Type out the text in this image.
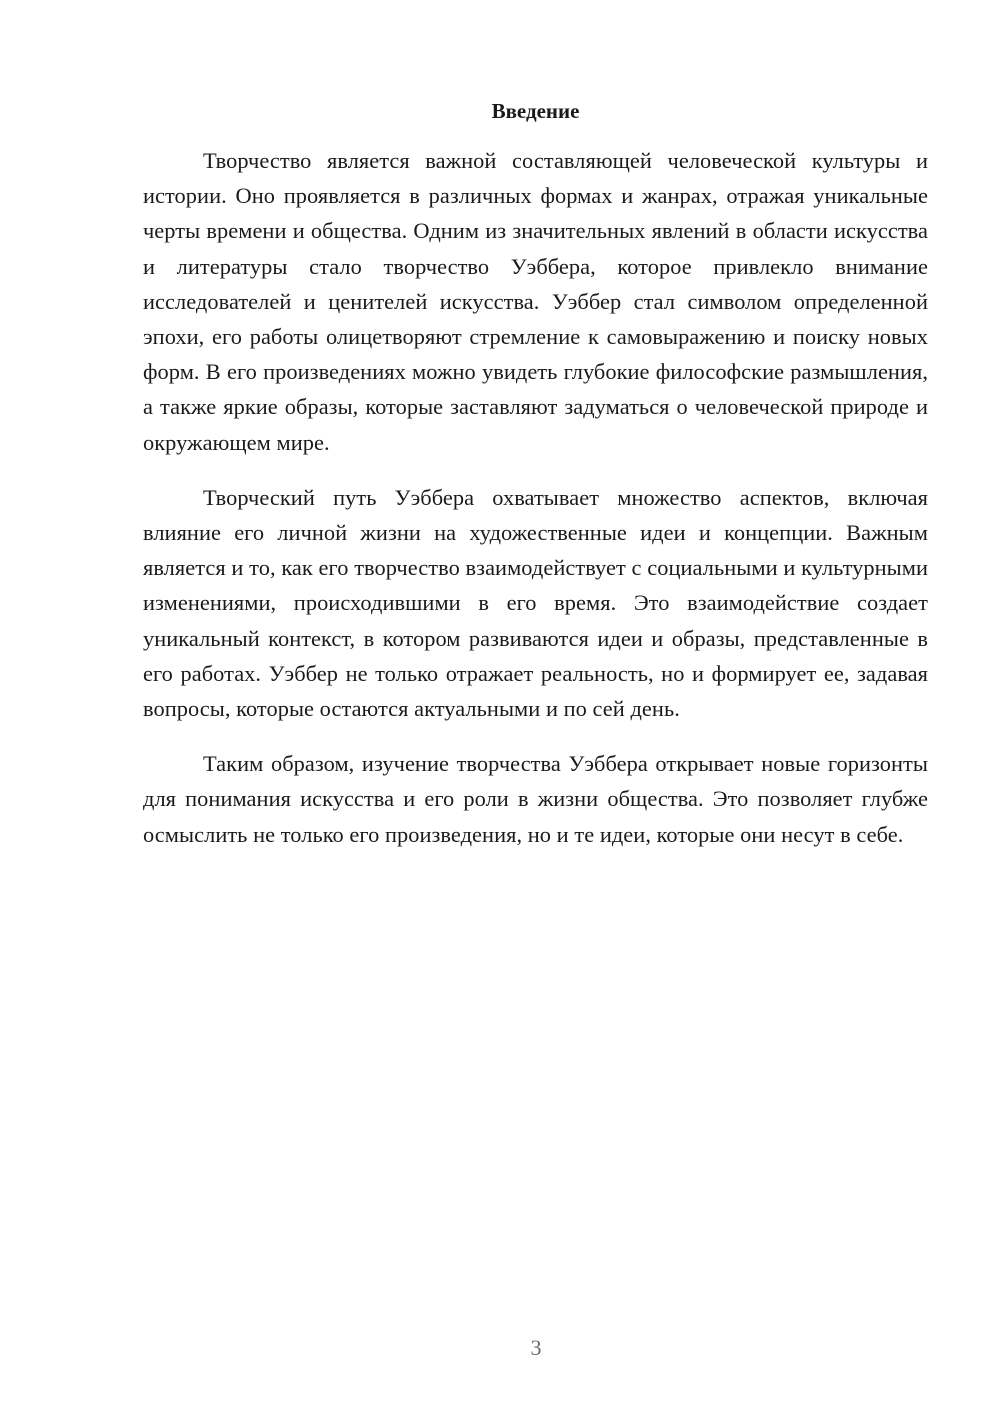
Введение

Творчество является важной составляющей человеческой культуры и истории. Оно проявляется в различных формах и жанрах, отражая уникальные черты времени и общества. Одним из значительных явлений в области искусства и литературы стало творчество Уэббера, которое привлекло внимание исследователей и ценителей искусства. Уэббер стал символом определенной эпохи, его работы олицетворяют стремление к самовыражению и поиску новых форм. В его произведениях можно увидеть глубокие философские размышления, а также яркие образы, которые заставляют задуматься о человеческой природе и окружающем мире.

Творческий путь Уэббера охватывает множество аспектов, включая влияние его личной жизни на художественные идеи и концепции. Важным является и то, как его творчество взаимодействует с социальными и культурными изменениями, происходившими в его время. Это взаимодействие создает уникальный контекст, в котором развиваются идеи и образы, представленные в его работах. Уэббер не только отражает реальность, но и формирует ее, задавая вопросы, которые остаются актуальными и по сей день.

Таким образом, изучение творчества Уэббера открывает новые горизонты для понимания искусства и его роли в жизни общества. Это позволяет глубже осмыслить не только его произведения, но и те идеи, которые они несут в себе.

3
